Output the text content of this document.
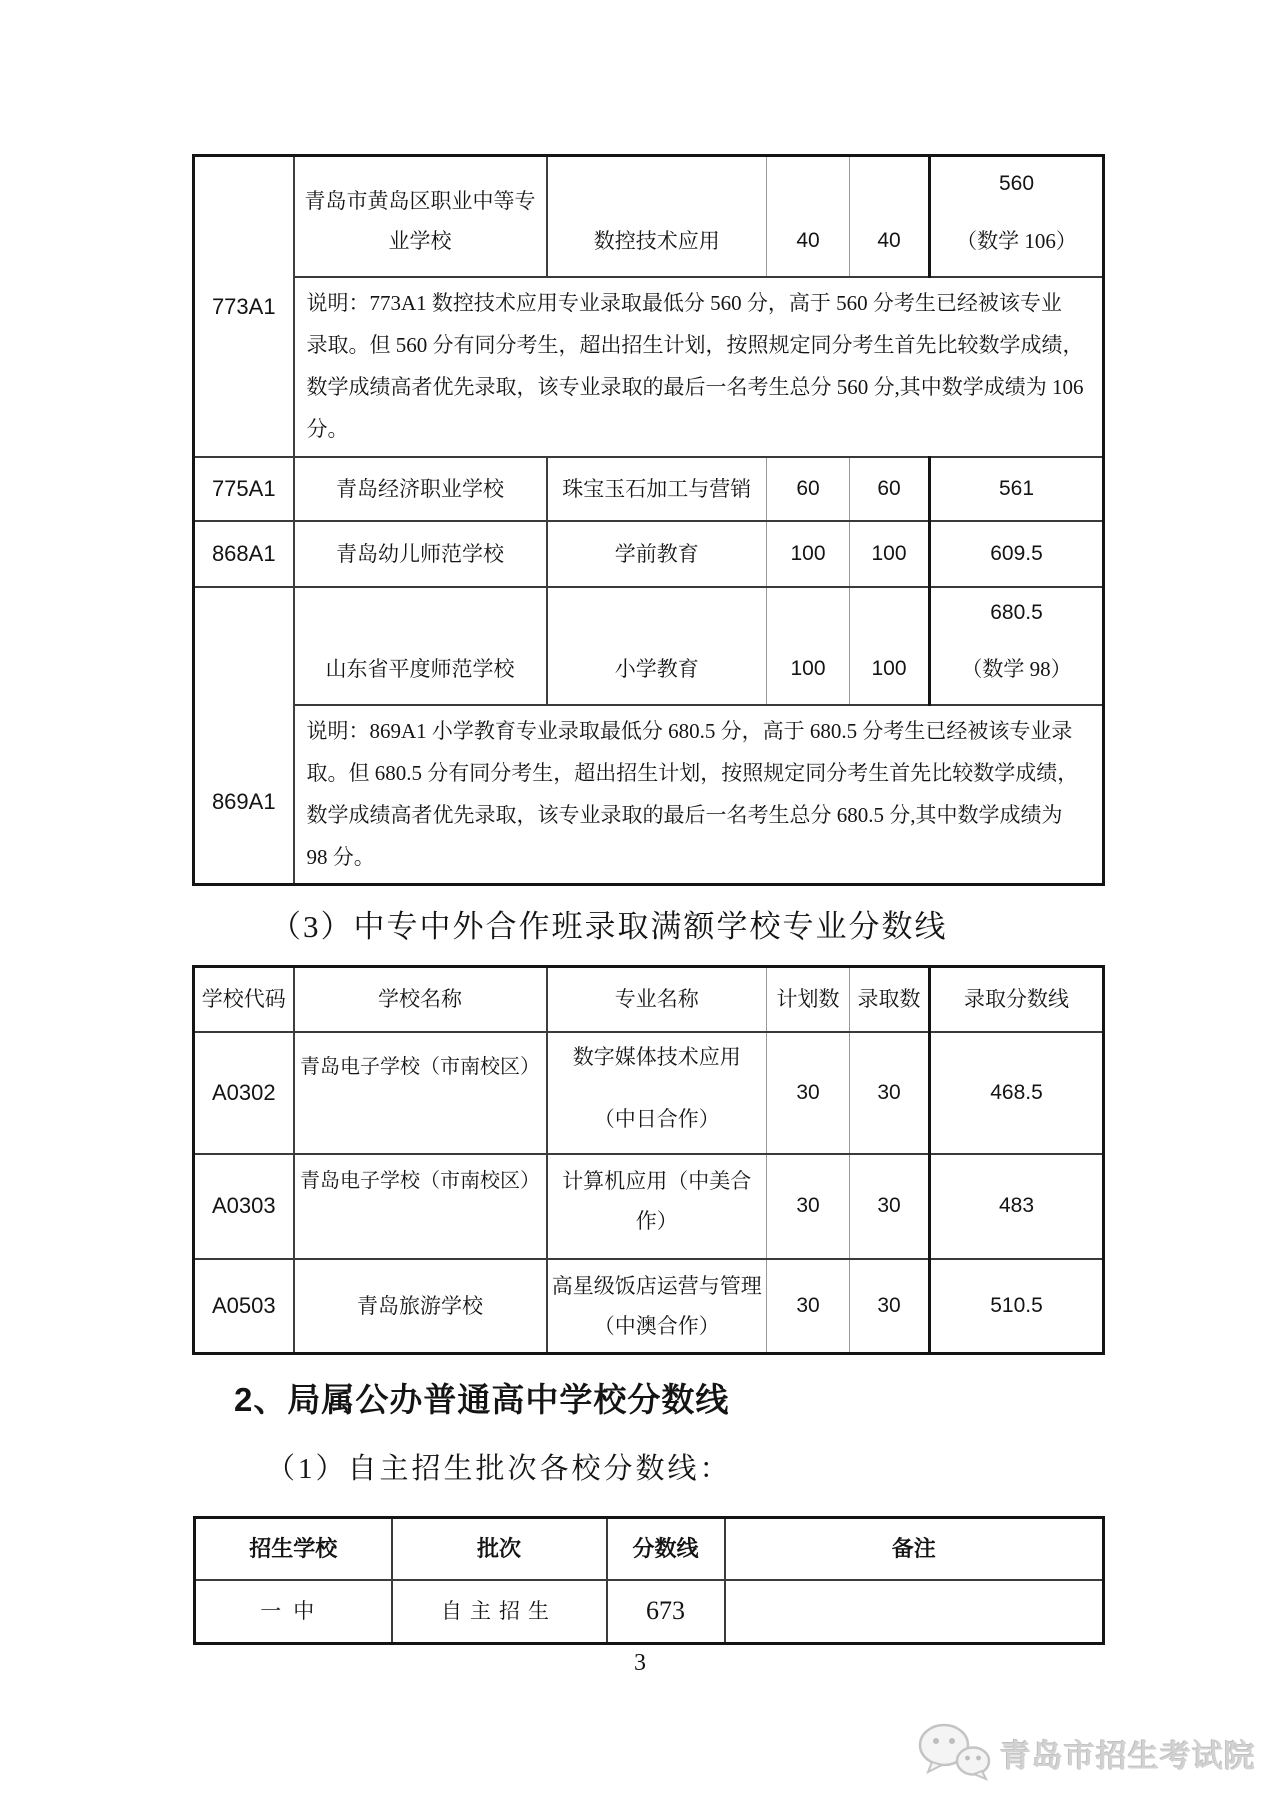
773A1	青岛市黄岛区职业中等专业学校	数控技术应用	40	40	560
（数学 106）

	说明：773A1 数控技术应用专业录取最低分 560 分，高于 560 分考生已经被该专业
录取。但 560 分有同分考生，超出招生计划，按照规定同分考生首先比较数学成绩，
数学成绩高者优先录取，该专业录取的最后一名考生总分 560 分,其中数学成绩为 106
分。				

775A1	青岛经济职业学校	珠宝玉石加工与营销	60	60	561

868A1	青岛幼儿师范学校	学前教育	100	100	609.5

869A1	山东省平度师范学校	小学教育	100	100	680.5
（数学 98）

	说明：869A1 小学教育专业录取最低分 680.5 分，高于 680.5 分考生已经被该专业录
取。但 680.5 分有同分考生，超出招生计划，按照规定同分考生首先比较数学成绩，
数学成绩高者优先录取，该专业录取的最后一名考生总分 680.5 分,其中数学成绩为
98 分。				
（3）中专中外合作班录取满额学校专业分数线
学校代码	学校名称	专业名称	计划数	录取数	录取分数线

A0302	青岛电子学校（市南校区）	数字媒体技术应用
（中日合作）	30	30	468.5

A0303	青岛电子学校（市南校区）	计算机应用（中美合作）	30	30	483

A0503	青岛旅游学校	高星级饭店运营与管理
（中澳合作）	30	30	510.5
2、局属公办普通高中学校分数线
（1）自主招生批次各校分数线：
招生学校	批次	分数线	备注
一中	自主招生	673	
3
青岛市招生考试院
